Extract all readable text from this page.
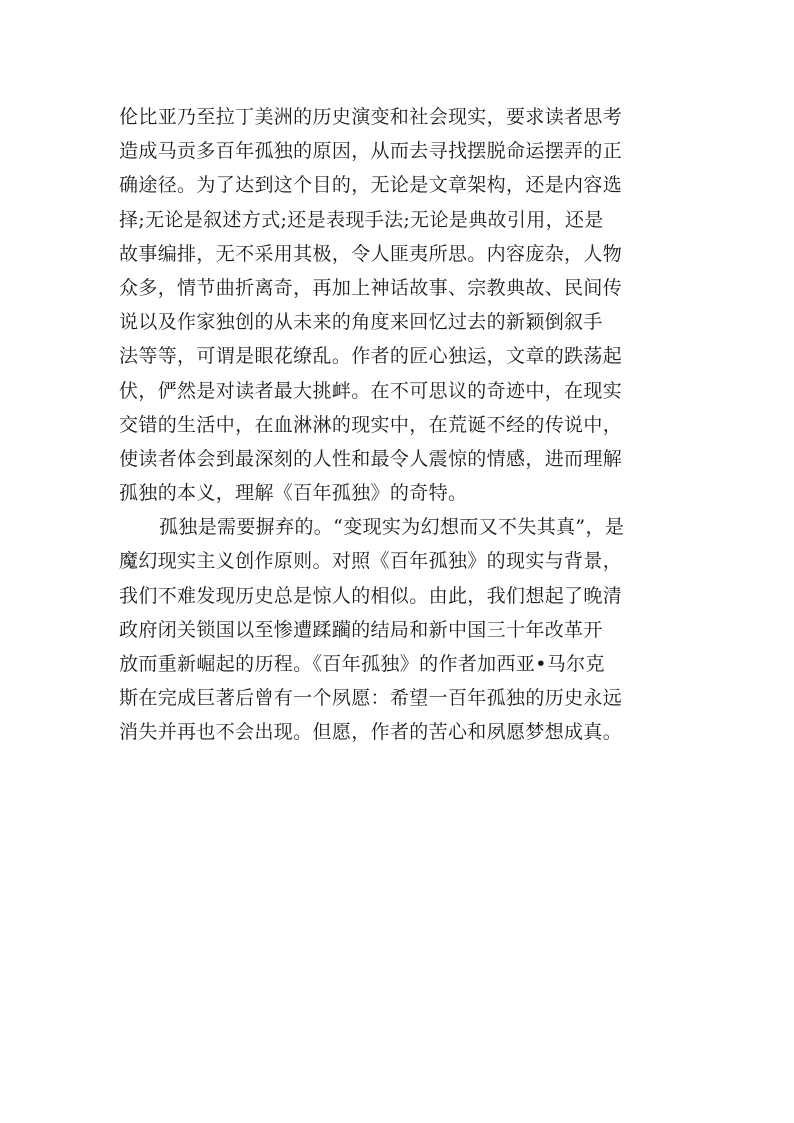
伦比亚乃至拉丁美洲的历史演变和社会现实，要求读者思考
造成马贡多百年孤独的原因，从而去寻找摆脱命运摆弄的正
确途径。为了达到这个目的，无论是文章架构，还是内容选
择;无论是叙述方式;还是表现手法;无论是典故引用，还是
故事编排，无不采用其极，令人匪夷所思。内容庞杂，人物
众多，情节曲折离奇，再加上神话故事、宗教典故、民间传
说以及作家独创的从未来的角度来回忆过去的新颖倒叙手
法等等，可谓是眼花缭乱。作者的匠心独运，文章的跌荡起
伏，俨然是对读者最大挑衅。在不可思议的奇迹中，在现实
交错的生活中，在血淋淋的现实中，在荒诞不经的传说中，
使读者体会到最深刻的人性和最令人震惊的情感，进而理解
孤独的本义，理解《百年孤独》的奇特。
孤独是需要摒弃的。“变现实为幻想而又不失其真”，是
魔幻现实主义创作原则。对照《百年孤独》的现实与背景，
我们不难发现历史总是惊人的相似。由此，我们想起了晚清
政府闭关锁国以至惨遭蹂躏的结局和新中国三十年改革开
放而重新崛起的历程。《百年孤独》的作者加西亚•马尔克
斯在完成巨著后曾有一个夙愿：希望一百年孤独的历史永远
消失并再也不会出现。但愿，作者的苦心和夙愿梦想成真。
